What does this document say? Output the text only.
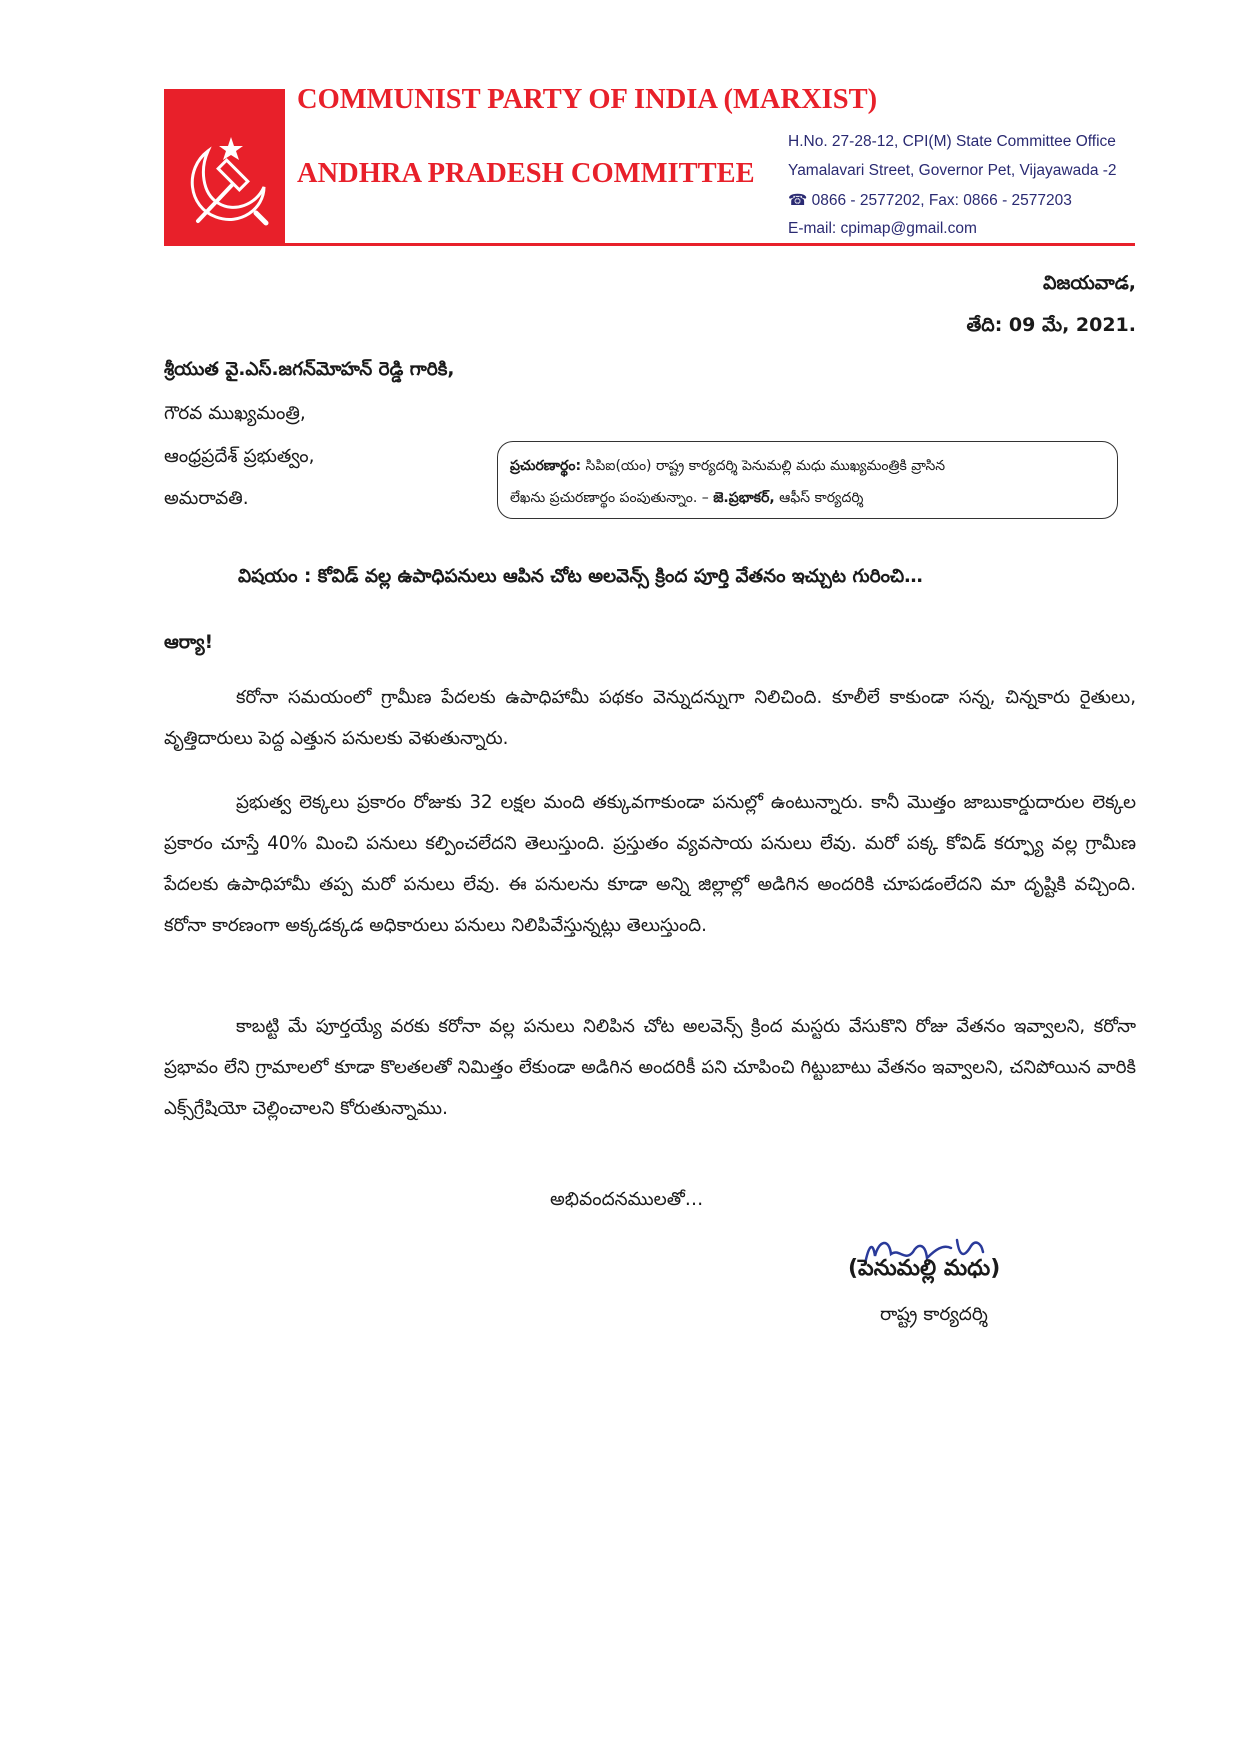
COMMUNIST PARTY OF INDIA (MARXIST)
ANDHRA PRADESH COMMITTEE
H.No. 27-28-12, CPI(M) State Committee Office
Yamalavari Street, Governor Pet, Vijayawada -2
☎ 0866 - 2577202, Fax: 0866 - 2577203
E-mail: cpimap@gmail.com
విజయవాడ,
తేది: 09 మే, 2021.
శ్రీయుత వై.ఎస్.జగన్‌మోహన్ రెడ్డి గారికి,
గౌరవ ముఖ్యమంత్రి,
ఆంధ్రప్రదేశ్ ప్రభుత్వం,
అమరావతి.
ప్రచురణార్థం: సిపిఐ(యం) రాష్ట్ర కార్యదర్శి పెనుమల్లి మధు ముఖ్యమంత్రికి వ్రాసిన
లేఖను ప్రచురణార్థం పంపుతున్నాం. – జె.ప్రభాకర్, ఆఫీస్ కార్యదర్శి
విషయం : కోవిడ్ వల్ల ఉపాధిపనులు ఆపిన చోట అలవెన్స్ క్రింద పూర్తి వేతనం ఇచ్చుట గురించి…
ఆర్యా!

కరోనా సమయంలో గ్రామీణ పేదలకు ఉపాధిహామీ పథకం వెన్నుదన్నుగా నిలిచింది. కూలీలే కాకుండా సన్న, చిన్నకారు రైతులు, వృత్తిదారులు పెద్ద ఎత్తున పనులకు వెళుతున్నారు.

ప్రభుత్వ లెక్కలు ప్రకారం రోజుకు 32 లక్షల మంది తక్కువగాకుండా పనుల్లో ఉంటున్నారు. కానీ మొత్తం జాబుకార్డుదారుల లెక్కల ప్రకారం చూస్తే 40% మించి పనులు కల్పించలేదని తెలుస్తుంది. ప్రస్తుతం వ్యవసాయ పనులు లేవు. మరో పక్క కోవిడ్ కర్ఫ్యూ వల్ల గ్రామీణ పేదలకు ఉపాధిహామీ తప్ప మరో పనులు లేవు. ఈ పనులను కూడా అన్ని జిల్లాల్లో అడిగిన అందరికి చూపడంలేదని మా దృష్టికి వచ్చింది. కరోనా కారణంగా అక్కడక్కడ అధికారులు పనులు నిలిపివేస్తున్నట్లు తెలుస్తుంది.

కాబట్టి మే పూర్తయ్యే వరకు కరోనా వల్ల పనులు నిలిపిన చోట అలవెన్స్ క్రింద మస్టరు వేసుకొని రోజు వేతనం ఇవ్వాలని, కరోనా ప్రభావం లేని గ్రామాలలో కూడా కొలతలతో నిమిత్తం లేకుండా అడిగిన అందరికీ పని చూపించి గిట్టుబాటు వేతనం ఇవ్వాలని, చనిపోయిన వారికి ఎక్స్‌గ్రేషియో చెల్లించాలని కోరుతున్నాము.

అభివందనములతో…
(పెనుమల్లి మధు)
రాష్ట్ర కార్యదర్శి
